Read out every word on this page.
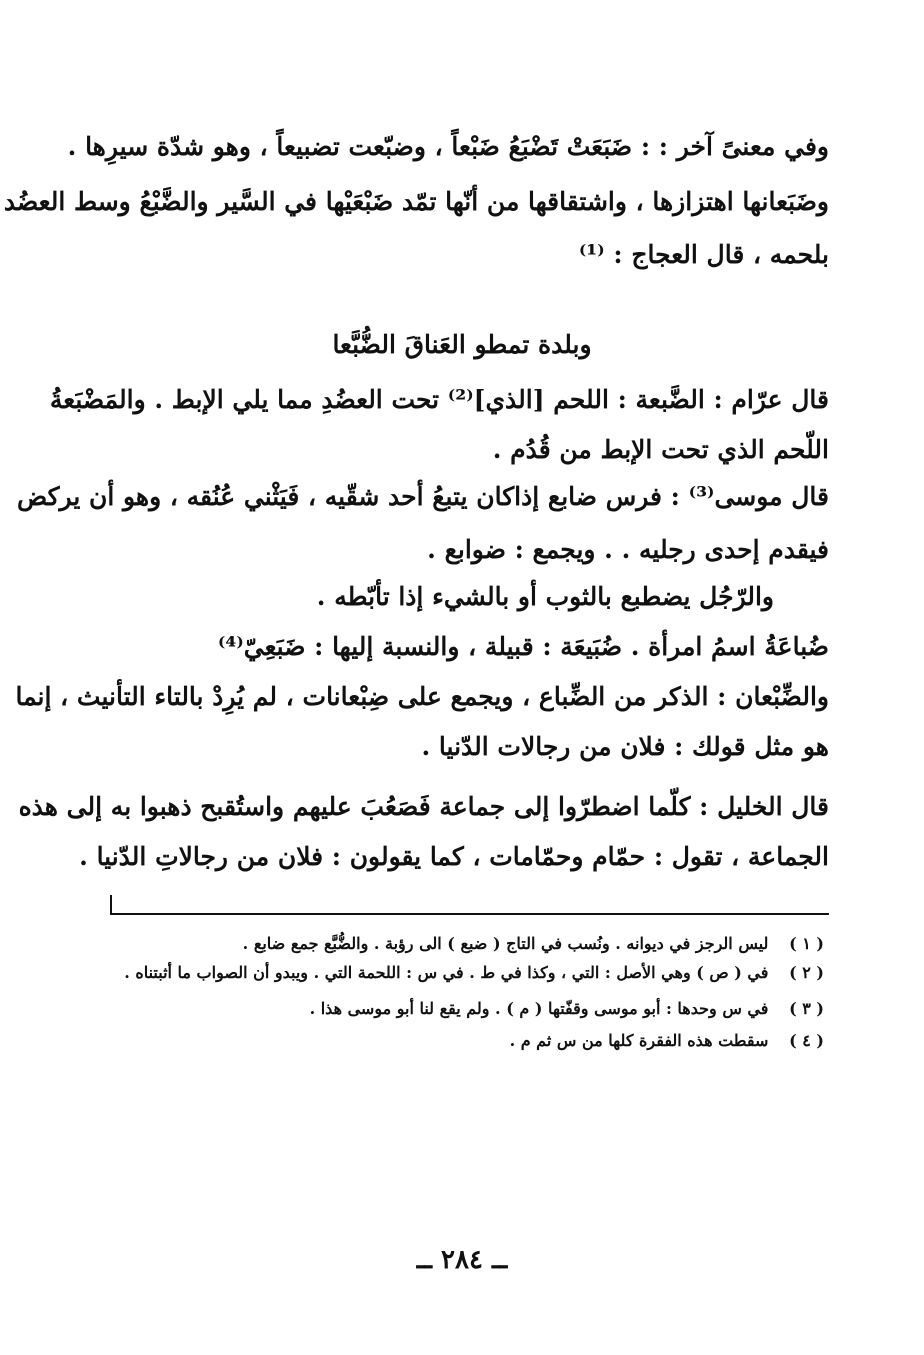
وفي معنىً آخر : : ضَبَعَتْ تَضْبَعُ ضَبْعاً ، وضبّعت تضبيعاً ، وهو شدّة سيرِها .
وضَبَعانها اهتزازها ، واشتقاقها من أنّها تمّد ضَبْعَيْها في السَّير والضَّبْعُ وسط العضُد
بلحمه ، قال العجاج : ⁽¹⁾
وبلدة تمطو العَناقَ الضُّبَّعا
قال عرّام : الضَّبعة : اللحم [الذي]⁽²⁾ تحت العضُدِ مما يلي الإبط . والمَضْبَعةُ
اللّحم الذي تحت الإبط من قُدُم .
قال موسى⁽³⁾ : فرس ضابع إذاكان يتبعُ أحد شقّيه ، فَيَثْني عُنُقه ، وهو أن يركض
فيقدم إحدى رجليه . . ويجمع : ضوابع .
والرّجُل يضطبع بالثوب أو بالشيء إذا تأبّطه .
ضُباعَةُ اسمُ امرأة . ضُبَيعَة : قبيلة ، والنسبة إليها : ضَبَعِيّ⁽⁴⁾
والضِّبْعان : الذكر من الضِّباع ، ويجمع على ضِبْعانات ، لم يُرِدْ بالتاء التأنيث ، إنما
هو مثل قولك : فلان من رجالات الدّنيا .
قال الخليل : كلّما اضطرّوا إلى جماعة فَصَعُبَ عليهم واستُقبح ذهبوا به إلى هذه
الجماعة ، تقول : حمّام وحمّامات ، كما يقولون : فلان من رجالاتِ الدّنيا .
( ١ ) ليس الرجز في ديوانه . ونُسب في التاج ( ضبع ) الى رؤبة . والضُّبَّع جمع ضابع .
( ٢ ) في ( ص ) وهي الأصل : التي ، وكذا في ط . في س : اللحمة التي . ويبدو أن الصواب ما أثبتناه .
( ٣ ) في س وحدها : أبو موسى وقفّتها ( م ) . ولم يقع لنا أبو موسى هذا .
( ٤ ) سقطت هذه الفقرة كلها من س ثم م .
ــ ٢٨٤ ــ
